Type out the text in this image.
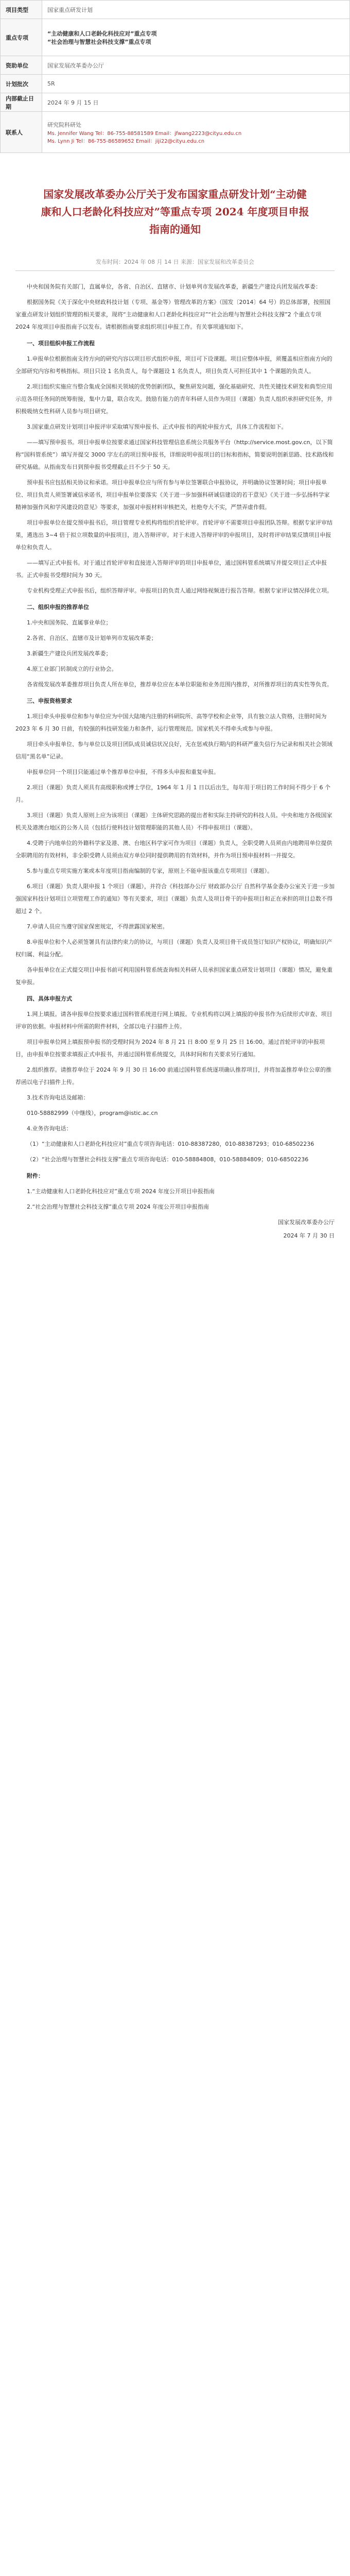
项目类型	国家重点研发计划
重点专项	“主动健康和人口老龄化科技应对”重点专项
“社会治理与智慧社会科技支撑”重点专项

资助单位	国家发展改革委办公厅
计划批次	5R
内部截止日期	2024 年 9 月 15 日
联系人	研究院科研处
Ms. Jennifer Wang Tel：86-755-88581589 Email：jfwang2223@cityu.edu.cn
Ms. Lynn Ji Tel：86-755-86589652 Email：jiji22@cityu.edu.cn
国家发展改革委办公厅关于发布国家重点研发计划“主动健
康和人口老龄化科技应对”等重点专项 2024 年度项目申报
指南的通知
发布时间：2024 年 08 月 14 日 来源：国家发展和改革委员会

中央和国务院有关部门，直属单位，各省、自治区、直辖市、计划单列市发展改革委，新疆生产建设兵团发展改革委：

根据国务院《关于深化中央财政科技计划（专项、基金等）管理改革的方案》（国发〔2014〕64 号）的总体部署，按照国家重点研发计划组织管理的相关要求，现将“主动健康和人口老龄化科技应对”“社会治理与智慧社会科技支撑”2 个重点专项 2024 年度项目申报指南予以发布。请根据指南要求组织项目申报工作。有关事项通知如下。

一、项目组织申报工作流程

1.申报单位根据指南支持方向的研究内容以项目形式组织申报，项目可下设课题。项目应整体申报，须覆盖相应指南方向的全部研究内容和考核指标。项目只设 1 名负责人，每个课题设 1 名负责人，项目负责人可担任其中 1 个课题的负责人。

2.项目组织实施应当整合集成全国相关领域的优势创新团队，聚焦研发问题，强化基础研究、共性关键技术研发和典型应用示范各项任务间的统筹衔接，集中力量，联合攻关。鼓励有能力的青年科研人员作为项目（课题）负责人组织承担研究任务，并积极吸纳女性科研人员参与项目研究。

3.国家重点研发计划项目申报评审采取填写预申报书、正式申报书的两轮申报方式，具体工作流程如下。

——填写预申报书。项目申报单位按要求通过国家科技管理信息系统公共服务平台（http://service.most.gov.cn，以下简称“国科管系统”）填写并提交 3000 字左右的项目预申报书，详细说明申报项目的目标和指标，简要说明创新思路、技术路线和研究基础。从指南发布日到预申报书受理截止日不少于 50 天。

预申报书应包括相关协议和承诺。项目申报单位应与所有参与单位签署联合申报协议，并明确协议签署时间；项目申报单位、项目负责人须签署诚信承诺书，项目申报单位要落实《关于进一步加强科研诚信建设的若干意见》《关于进一步弘扬科学家精神加强作风和学风建设的意见》等要求，加强对申报材料审核把关，杜绝夸大不实，严禁弄虚作假。

项目申报单位在提交预申报书后，项目管理专业机构将组织首轮评审。首轮评审不需要项目申报团队答辩。根据专家评审结果，遴选出 3~4 倍于拟立项数量的申报项目，进入答辩评审。对于未进入答辩评审的申报项目，及时将评审结果反馈项目申报单位和负责人。

——填写正式申报书。对于通过首轮评审和直接进入答辩评审的项目申报单位，通过国科管系统填写并提交项目正式申报书。正式申报书受理时间为 30 天。

专业机构受理正式申报书后，组织答辩评审。申报项目的负责人通过网络视频进行报告答辩。根据专家评议情况择优立项。

二、组织申报的推荐单位

1.中央和国务院、直属事业单位；

2.各省、自治区、直辖市及计划单列市发展改革委；

3.新疆生产建设兵团发展改革委；

4.原工业部门转制成立的行业协会。

各省级发展改革委推荐项目负责人所在单位，推荐单位应在本单位职能和业务范围内推荐，对所推荐项目的真实性等负责。

三、申报资格要求

1.项目牵头申报单位和参与单位应为中国大陆境内注册的科研院所、高等学校和企业等，具有独立法人资格，注册时间为 2023 年 6 月 30 日前，有较强的科技研发能力和条件，运行管理规范。国家机关不得牵头或参与申报。

项目牵头申报单位、参与单位以及项目团队成员诚信状况良好，无在惩戒执行期内的科研严重失信行为记录和相关社会领域信用“黑名单”记录。

申报单位同一个项目只能通过单个推荐单位申报，不得多头申报和重复申报。

2.项目（课题）负责人须具有高级职称或博士学位，1964 年 1 月 1 日以后出生，每年用于项目的工作时间不得少于 6 个月。

3.项目（课题）负责人原则上应为该项目（课题）主体研究思路的提出者和实际主持研究的科技人员。中央和地方各级国家机关及港澳台地区的公务人员（包括行使科技计划管理职能的其他人员）不得申报项目（课题）。

4.受聘于内地单位的外籍科学家及港、澳、台地区科学家可作为项目（课题）负责人，全职受聘人员须由内地聘用单位提供全职聘用的有效材料，非全职受聘人员须由双方单位同时提供聘用的有效材料，并作为项目预申报材料一并提交。

5.参与重点专项实施方案或本年度项目指南编制的专家，原则上不能申报该重点专项项目（课题）。

6.项目（课题）负责人限申报 1 个项目（课题），并符合《科技部办公厅 财政部办公厅 自然科学基金委办公室关于进一步加强国家科技计划项目立项管理工作的通知》等有关要求，项目（课题）负责人及项目骨干的申报项目和正在承担的项目总数不得超过 2 个。

7.申请人员应当遵守国家保密规定，不得泄露国家秘密。

8.申报单位和个人必须签署具有法律约束力的协议，与项目（课题）负责人及项目骨干成员签订知识产权协议，明确知识产权归属、利益分配。

各申报单位在正式提交项目申报书前可利用国科管系统查询相关科研人员承担国家重点研发计划项目（课题）情况，避免重复申报。

四、具体申报方式

1.网上填报。请各申报单位按要求通过国科管系统进行网上填报。专业机构将以网上填报的申报书作为后续形式审查、项目评审的依据。申报材料中所需的附件材料，全部以电子扫描件上传。

项目申报单位网上填报预申报书的受理时间为 2024 年 8 月 21 日 8:00 至 9 月 25 日 16:00。通过首轮评审的申报项目，由申报单位按要求填报正式申报书，并通过国科管系统提交，具体时间和有关要求另行通知。

2.组织推荐。请推荐单位于 2024 年 9 月 30 日 16:00 前通过国科管系统逐项确认推荐项目，并将加盖推荐单位公章的推荐函以电子扫描件上传。

3.技术咨询电话及邮箱：

010-58882999（中继线），program@istic.ac.cn

4.业务咨询电话：

（1）“主动健康和人口老龄化科技应对”重点专项咨询电话：010-88387280，010-88387293；010-68502236

（2）“社会治理与智慧社会科技支撑”重点专项咨询电话：010-58884808，010-58884809；010-68502236

附件：

1.“主动健康和人口老龄化科技应对”重点专项 2024 年度公开项目申报指南

2.“社会治理与智慧社会科技支撑”重点专项 2024 年度公开项目申报指南

国家发展改革委办公厅

2024 年 7 月 30 日
